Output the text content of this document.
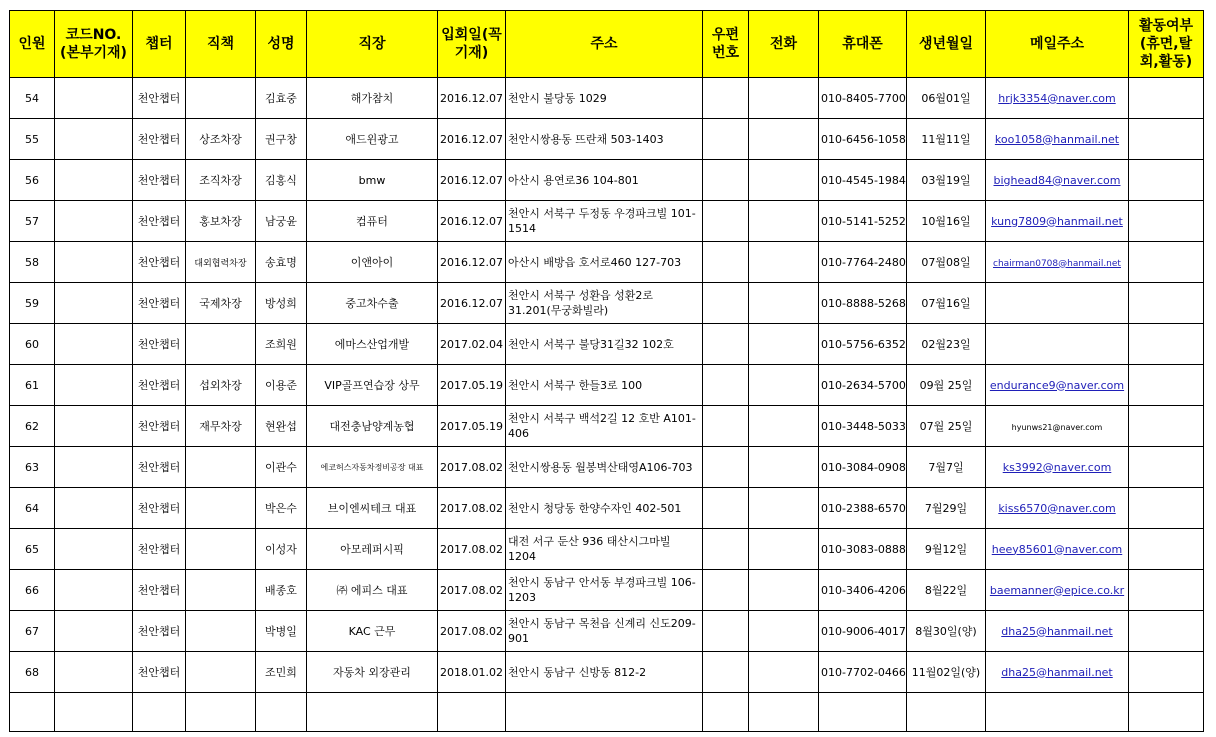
인원	코드NO. (본부기재)	챕터	직책	성명	직장	입회일(꼭 기재)	주소	우편 번호	전화	휴대폰	생년월일	메일주소	활동여부 (휴면,탈 회,활동)
54		천안챕터		김효중	해가참치	2016.12.07	천안시 불당동 1029			010-8405-7700	06월01일	hrjk3354@naver.com	
55		천안챕터	상조차장	권구창	애드윈광고	2016.12.07	천안시쌍용동 뜨란채 503-1403			010-6456-1058	11월11일	koo1058@hanmail.net	
56		천안챕터	조직차장	김홍식	bmw	2016.12.07	아산시 용연로36 104-801			010-4545-1984	03월19일	bighead84@naver.com	
57		천안챕터	홍보차장	남궁윤	컴퓨터	2016.12.07	천안시 서북구 두정동 우경파크빌 101-1514			010-5141-5252	10월16일	kung7809@hanmail.net	
58		천안챕터	대외협력차장	송효명	이앤아이	2016.12.07	아산시 배방읍 호서로460 127-703			010-7764-2480	07월08일	chairman0708@hanmail.net	
59		천안챕터	국제차장	방성희	중고차수출	2016.12.07	천안시 서북구 성환읍 성환2로 31.201(무궁화빌라)			010-8888-5268	07월16일		
60		천안챕터		조희원	에마스산업개발	2017.02.04	천안시 서북구 불당31길32 102호			010-5756-6352	02월23일		
61		천안챕터	섭외차장	이용준	VIP골프연습장 상무	2017.05.19	천안시 서북구 한들3로 100			010-2634-5700	09월 25일	endurance9@naver.com	
62		천안챕터	재무차장	현완섭	대전충남양계농협	2017.05.19	천안시 서북구 백석2길 12 호반 A101-406			010-3448-5033	07월 25일	hyunws21@naver.com	
63		천안챕터		이관수	에코허스자동차정비공장 대표	2017.08.02	천안시쌍용동 월봉벽산태영A106-703			010-3084-0908	7월7일	ks3992@naver.com	
64		천안챕터		박은수	브이엔씨테크 대표	2017.08.02	천안시 청당동 한양수자인 402-501			010-2388-6570	7월29일	kiss6570@naver.com	
65		천안챕터		이성자	아모레퍼시픽	2017.08.02	대전 서구 둔산 936 태산시그마빌 1204			010-3083-0888	9월12일	heey85601@naver.com	
66		천안챕터		배종호	㈜ 에피스 대표	2017.08.02	천안시 동남구 안서동 부경파크빌 106-1203			010-3406-4206	8월22일	baemanner@epice.co.kr	
67		천안챕터		박병일	KAC 근무	2017.08.02	천안시 동남구 목천읍 신계리 신도209-901			010-9006-4017	8월30일(양)	dha25@hanmail.net	
68		천안챕터		조민희	자동차 외장관리	2018.01.02	천안시 동남구 신방동 812-2			010-7702-0466	11월02일(양)	dha25@hanmail.net	
